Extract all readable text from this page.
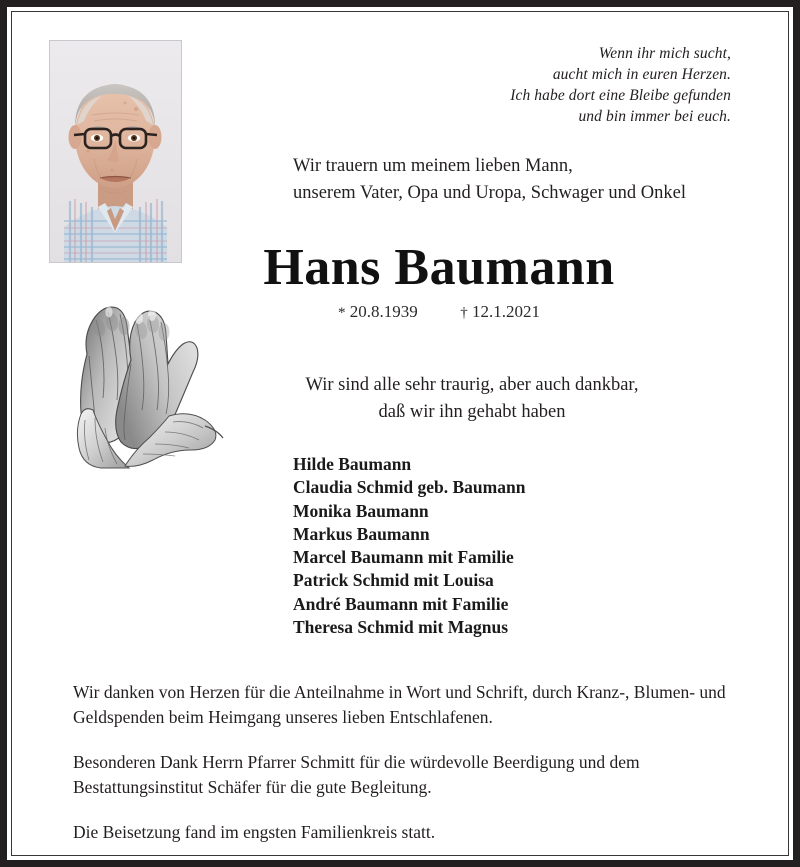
Wenn ihr mich sucht,
aucht mich in euren Herzen.
Ich habe dort eine Bleibe gefunden
und bin immer bei euch.
Wir trauern um meinem lieben Mann,
unserem Vater, Opa und Uropa, Schwager und Onkel
Hans Baumann
* 20.8.1939	† 12.1.2021
Wir sind alle sehr traurig, aber auch dankbar,
daß wir ihn gehabt haben
Hilde Baumann
Claudia Schmid geb. Baumann
Monika Baumann
Markus Baumann
Marcel Baumann mit Familie
Patrick Schmid mit Louisa
André Baumann mit Familie
Theresa Schmid mit Magnus

Wir danken von Herzen für die Anteilnahme in Wort und Schrift, durch Kranz-, Blumen- und Geldspenden beim Heimgang unseres lieben Entschlafenen.

Besonderen Dank Herrn Pfarrer Schmitt für die würdevolle Beerdigung und dem Bestattungsinstitut Schäfer für die gute Begleitung.

Die Beisetzung fand im engsten Familienkreis statt.
